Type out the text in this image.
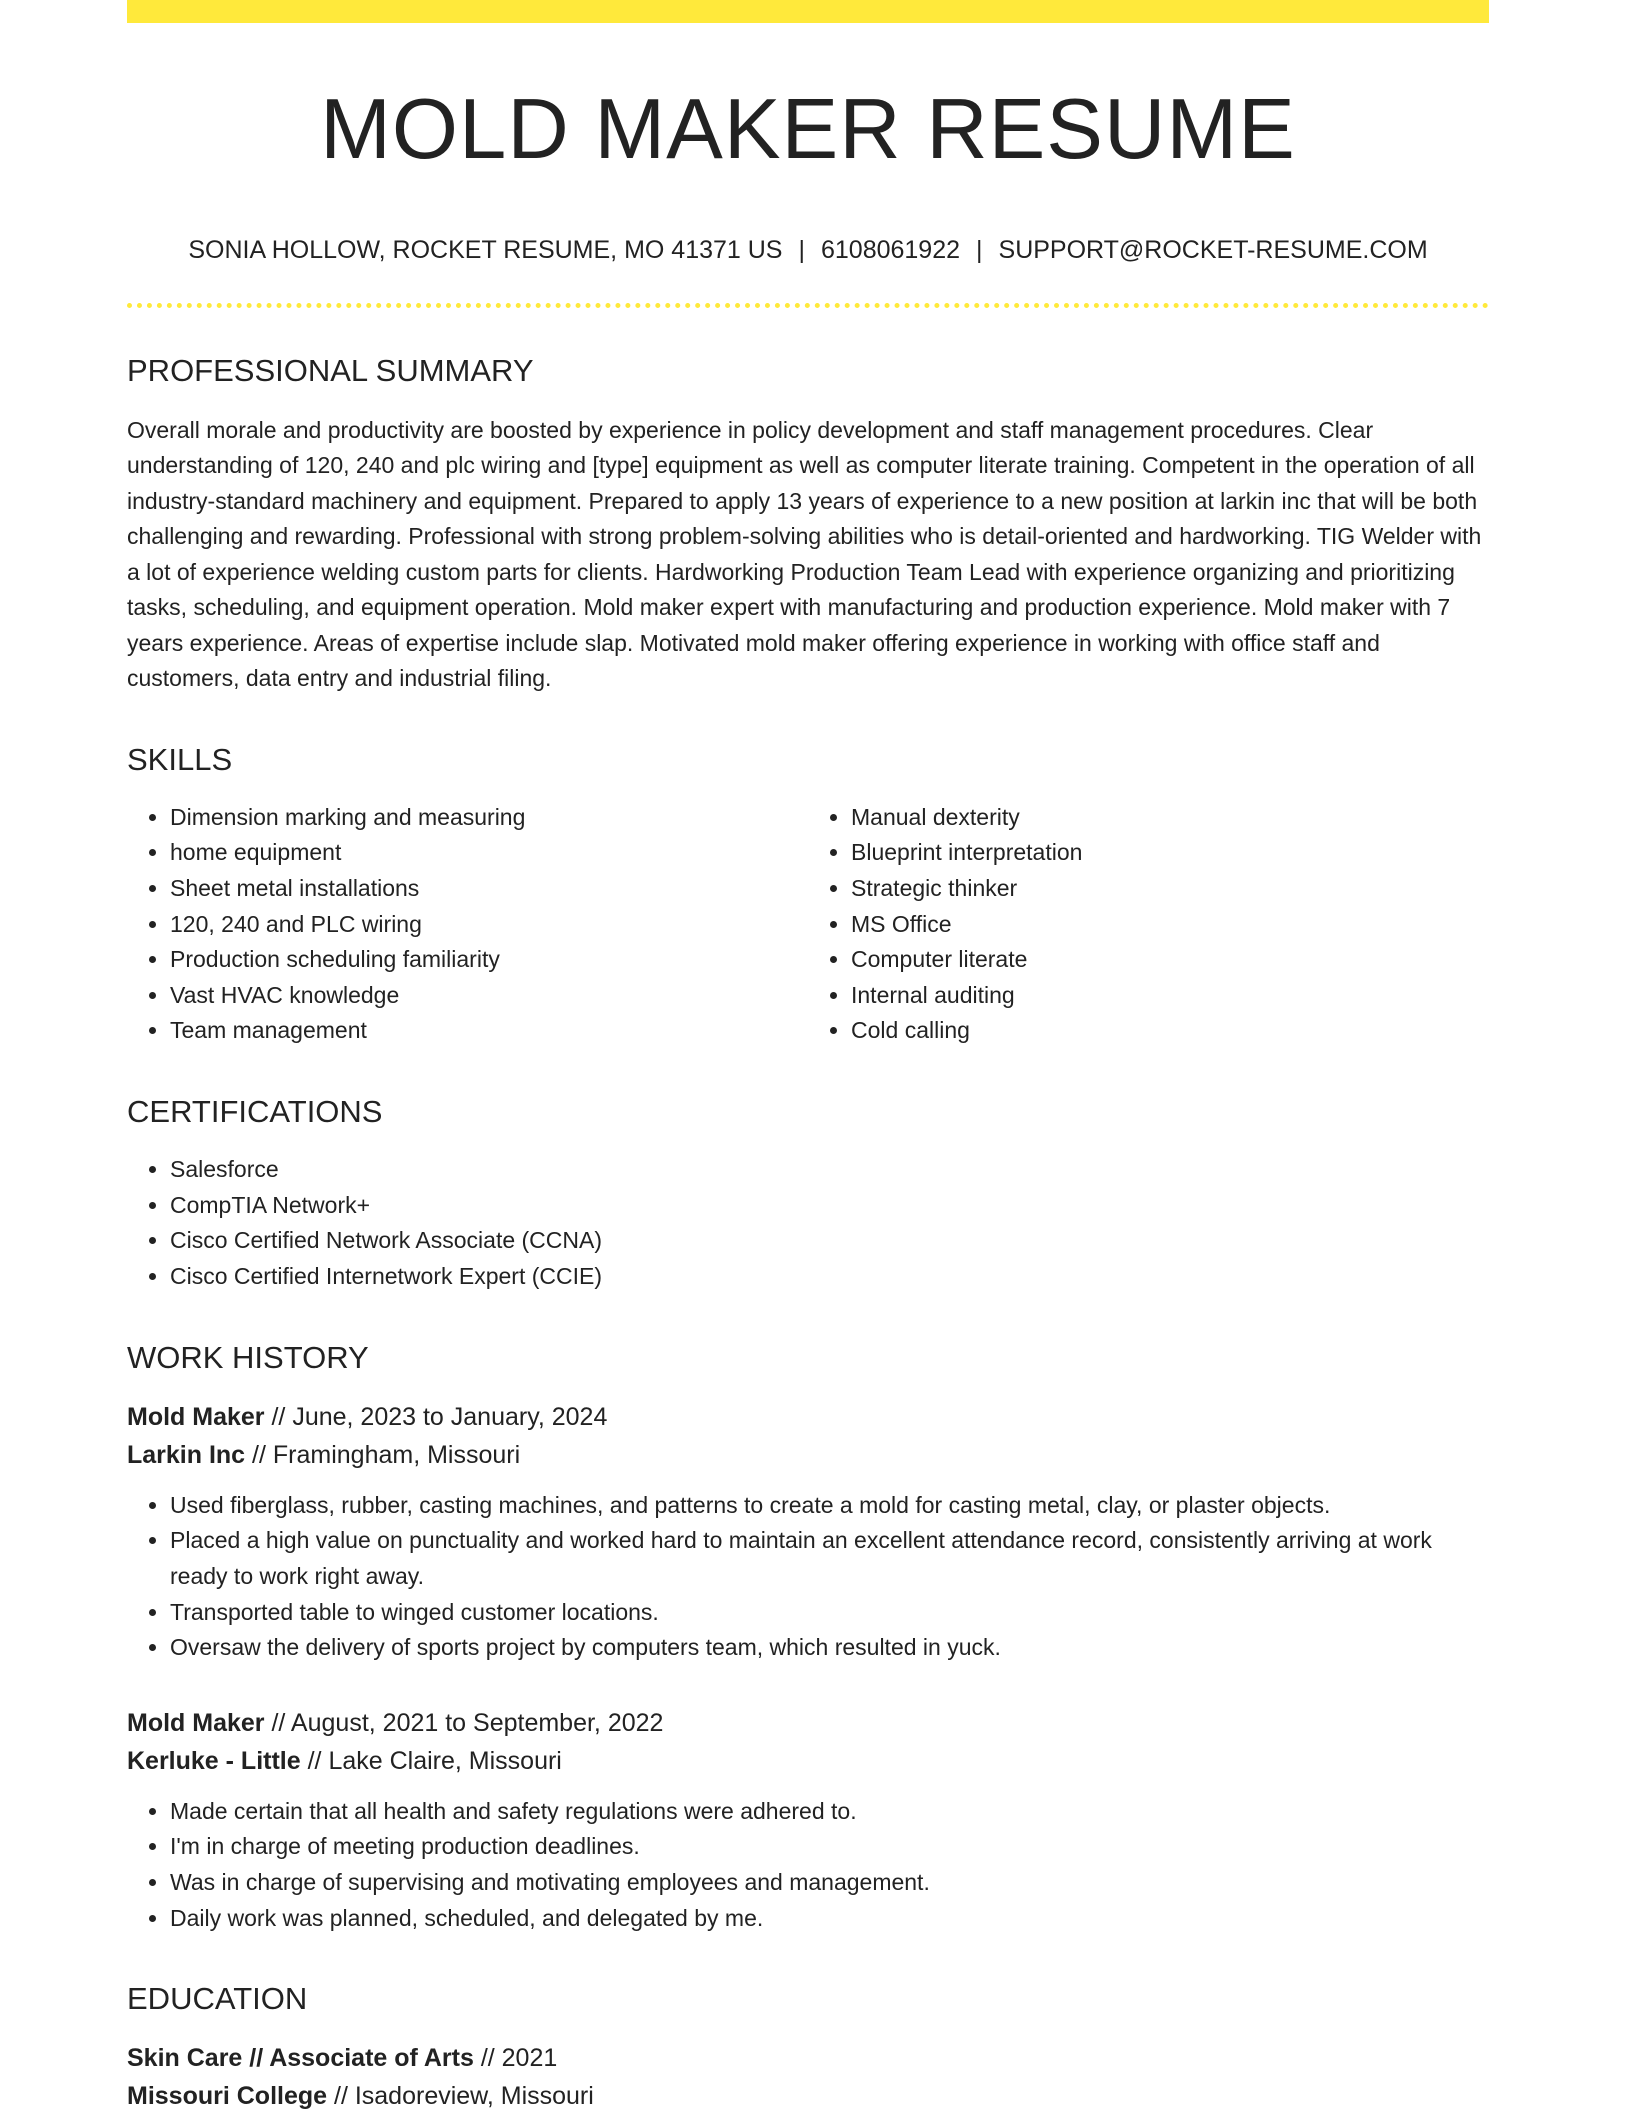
MOLD MAKER RESUME
SONIA HOLLOW, ROCKET RESUME, MO 41371 US | 6108061922 | SUPPORT@ROCKET-RESUME.COM
PROFESSIONAL SUMMARY

Overall morale and productivity are boosted by experience in policy development and staff management procedures. Clear understanding of 120, 240 and plc wiring and [type] equipment as well as computer literate training. Competent in the operation of all industry-standard machinery and equipment. Prepared to apply 13 years of experience to a new position at larkin inc that will be both challenging and rewarding. Professional with strong problem-solving abilities who is detail-oriented and hardworking. TIG Welder with a lot of experience welding custom parts for clients. Hardworking Production Team Lead with experience organizing and prioritizing tasks, scheduling, and equipment operation. Mold maker expert with manufacturing and production experience. Mold maker with 7 years experience. Areas of expertise include slap. Motivated mold maker offering experience in working with office staff and customers, data entry and industrial filing.

SKILLS
• Dimension marking and measuring
• home equipment
• Sheet metal installations
• 120, 240 and PLC wiring
• Production scheduling familiarity
• Vast HVAC knowledge
• Team management
• Manual dexterity
• Blueprint interpretation
• Strategic thinker
• MS Office
• Computer literate
• Internal auditing
• Cold calling
CERTIFICATIONS
• Salesforce
• CompTIA Network+
• Cisco Certified Network Associate (CCNA)
• Cisco Certified Internetwork Expert (CCIE)
WORK HISTORY
Mold Maker // June, 2023 to January, 2024
Larkin Inc // Framingham, Missouri
• Used fiberglass, rubber, casting machines, and patterns to create a mold for casting metal, clay, or plaster objects.
• Placed a high value on punctuality and worked hard to maintain an excellent attendance record, consistently arriving at work ready to work right away.
• Transported table to winged customer locations.
• Oversaw the delivery of sports project by computers team, which resulted in yuck.
Mold Maker // August, 2021 to September, 2022
Kerluke - Little // Lake Claire, Missouri
• Made certain that all health and safety regulations were adhered to.
• I'm in charge of meeting production deadlines.
• Was in charge of supervising and motivating employees and management.
• Daily work was planned, scheduled, and delegated by me.
EDUCATION
Skin Care // Associate of Arts // 2021
Missouri College // Isadoreview, Missouri
